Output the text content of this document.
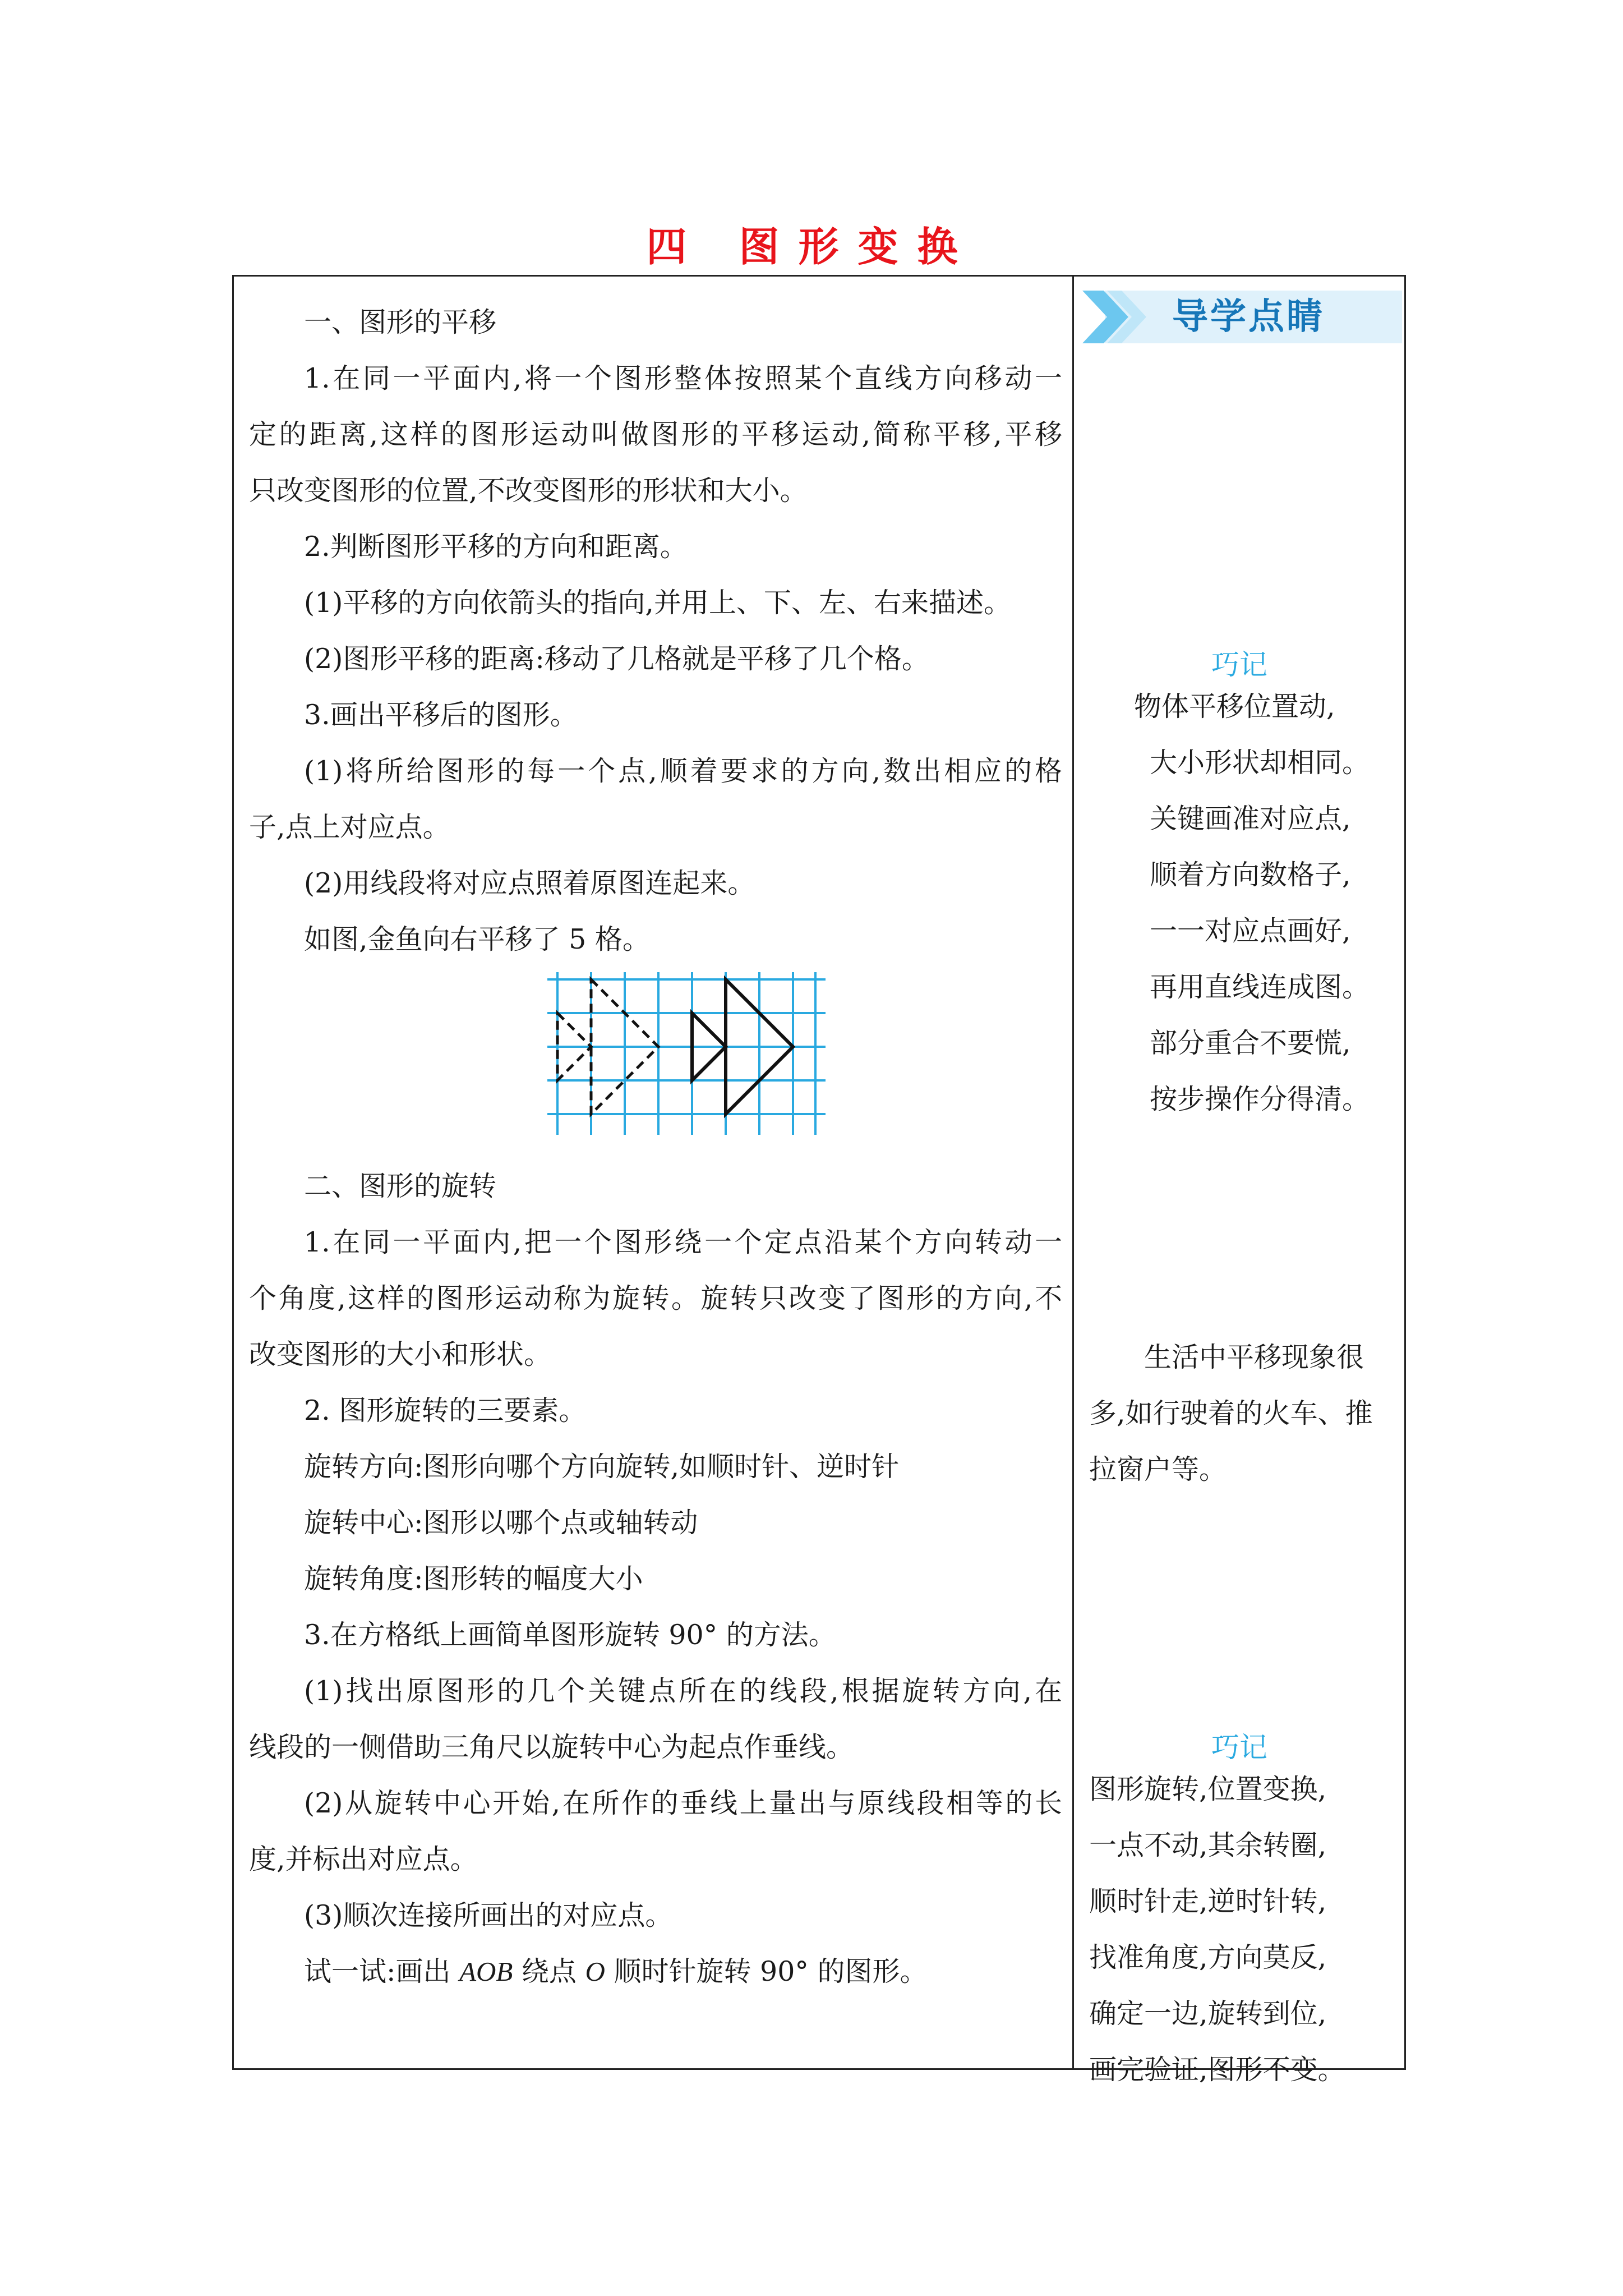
四 图形变换
一、图形的平移
1.在同一平面内,将一个图形整体按照某个直线方向移动一
定的距离,这样的图形运动叫做图形的平移运动,简称平移,平移
只改变图形的位置,不改变图形的形状和大小。
2.判断图形平移的方向和距离。
(1)平移的方向依箭头的指向,并用上、下、左、右来描述。
(2)图形平移的距离:移动了几格就是平移了几个格。
3.画出平移后的图形。
(1)将所给图形的每一个点,顺着要求的方向,数出相应的格
子,点上对应点。
(2)用线段将对应点照着原图连起来。
如图,金鱼向右平移了 5 格。
二、图形的旋转
1.在同一平面内,把一个图形绕一个定点沿某个方向转动一
个角度,这样的图形运动称为旋转。旋转只改变了图形的方向,不
改变图形的大小和形状。
2. 图形旋转的三要素。
旋转方向:图形向哪个方向旋转,如顺时针、逆时针
旋转中心:图形以哪个点或轴转动
旋转角度:图形转的幅度大小
3.在方格纸上画简单图形旋转 90° 的方法。
(1)找出原图形的几个关键点所在的线段,根据旋转方向,在
线段的一侧借助三角尺以旋转中心为起点作垂线。
(2)从旋转中心开始,在所作的垂线上量出与原线段相等的长
度,并标出对应点。
(3)顺次连接所画出的对应点。
试一试:画出 AOB 绕点 O 顺时针旋转 90° 的图形。
导学点睛
巧记
物体平移位置动,
大小形状却相同。
关键画准对应点,
顺着方向数格子,
一一对应点画好,
再用直线连成图。
部分重合不要慌,
按步操作分得清。
生活中平移现象很
多,如行驶着的火车、推
拉窗户等。
巧记
图形旋转,位置变换,
一点不动,其余转圈,
顺时针走,逆时针转,
找准角度,方向莫反,
确定一边,旋转到位,
画完验证,图形不变。
